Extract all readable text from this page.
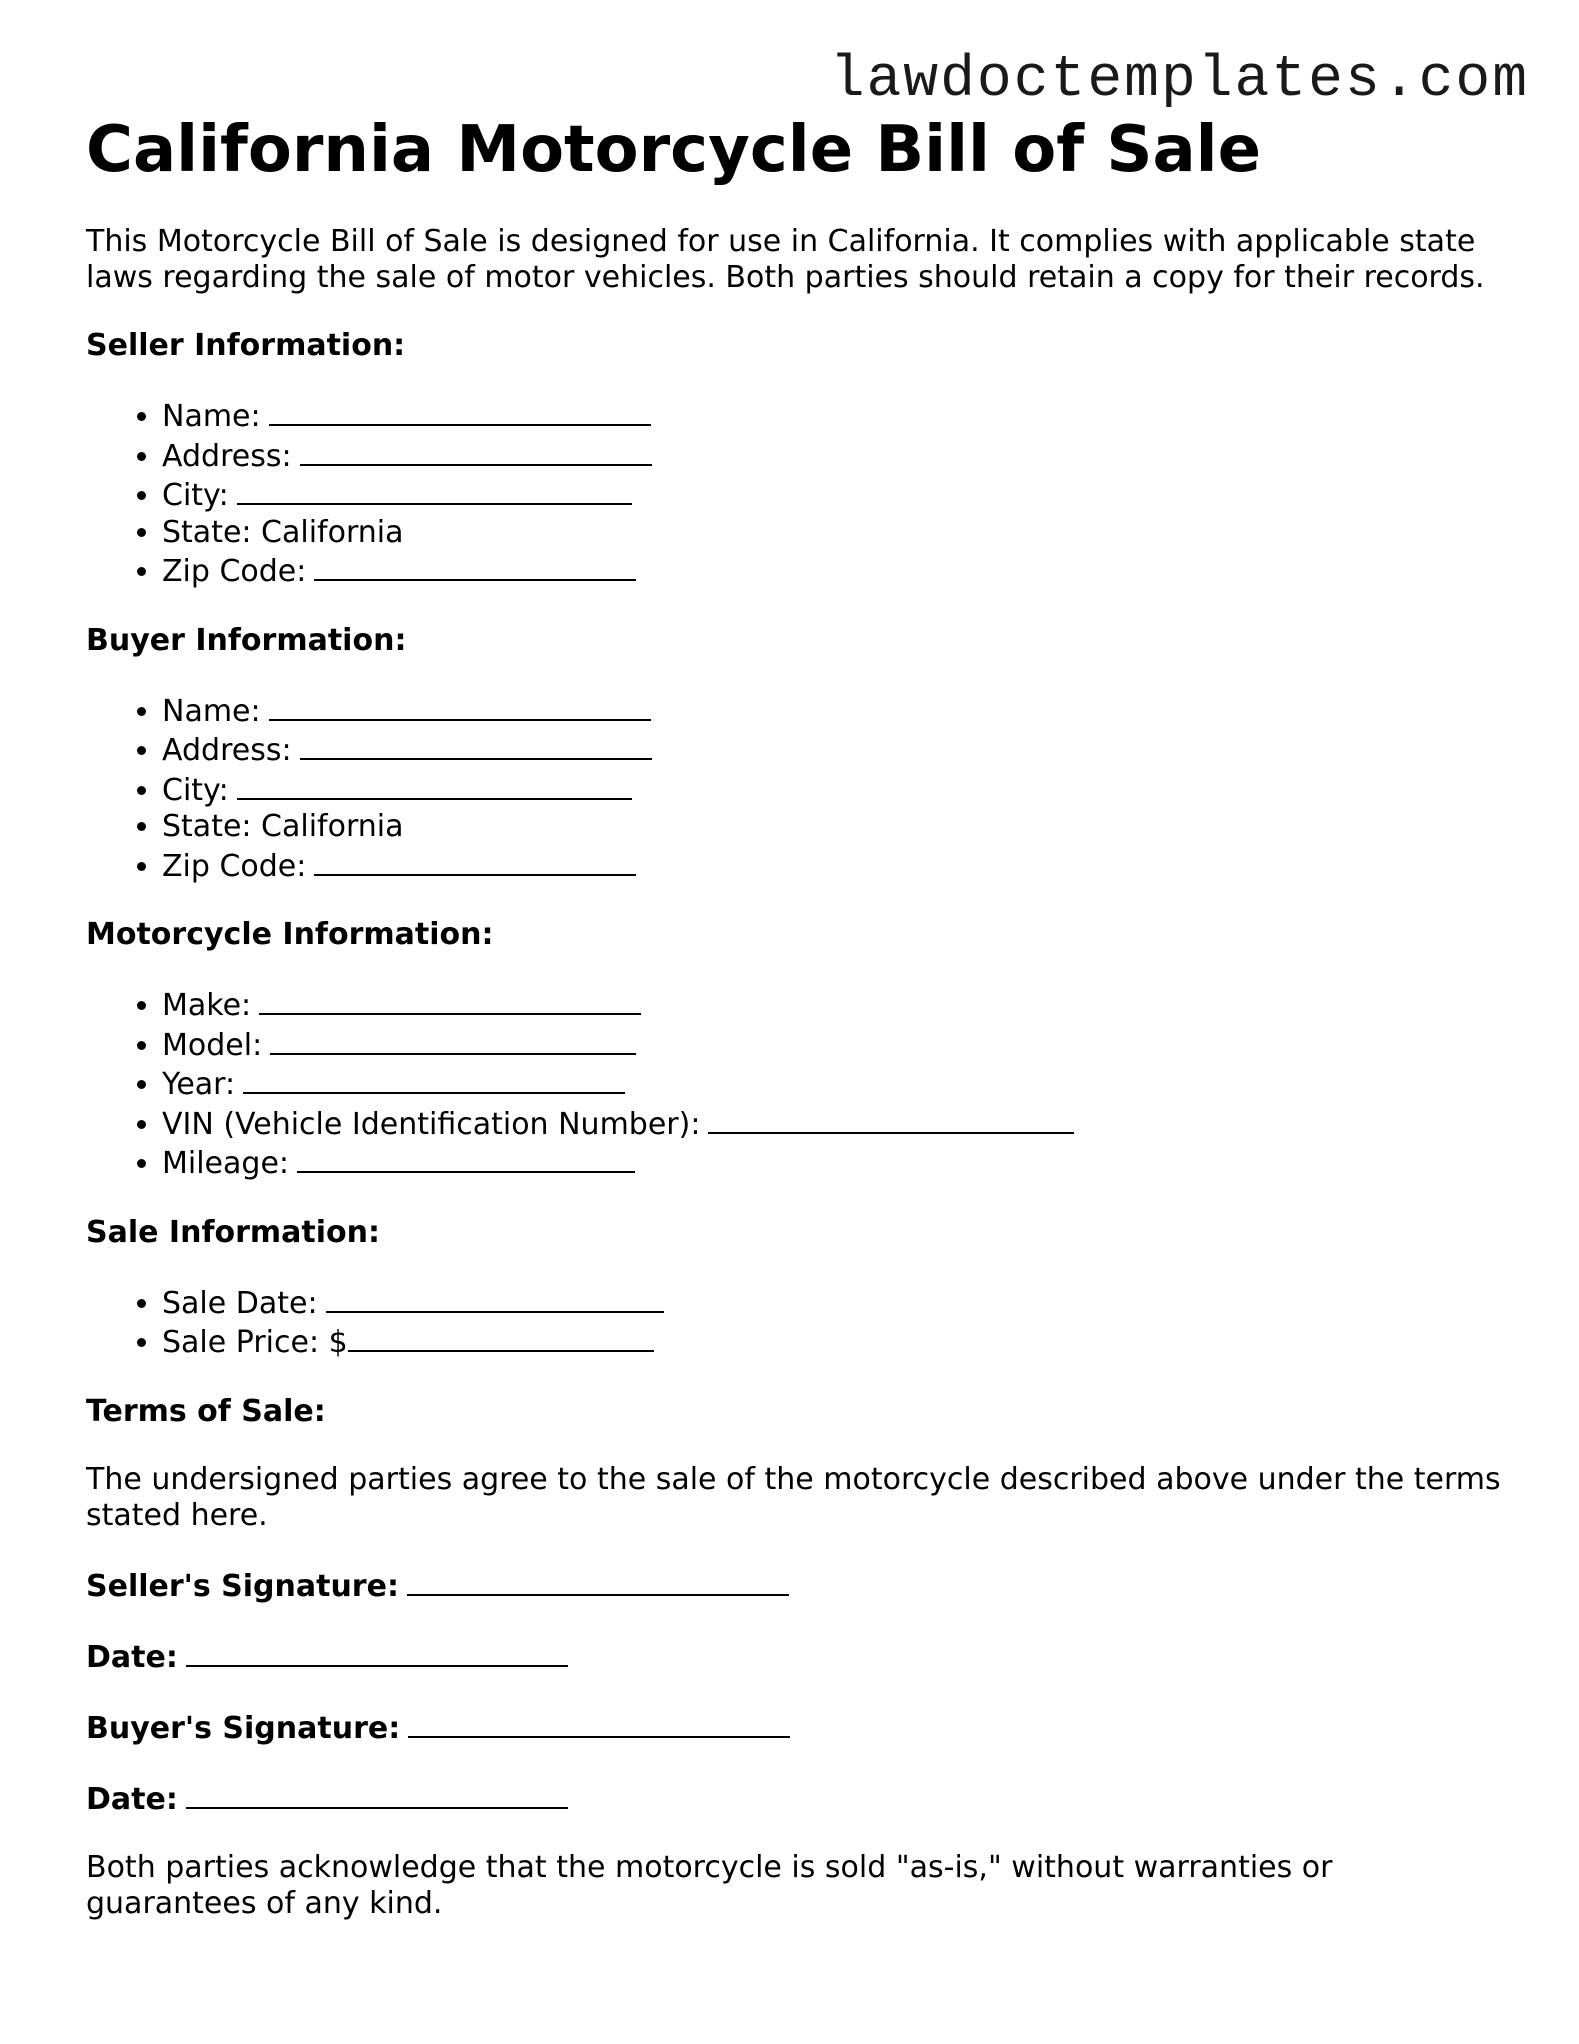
lawdoctemplates.com
California Motorcycle Bill of Sale

This Motorcycle Bill of Sale is designed for use in California. It complies with applicable state laws regarding the sale of motor vehicles. Both parties should retain a copy for their records.

Seller Information:
• Name:
• Address:
• City:
• State: California
• Zip Code:
Buyer Information:
• Name:
• Address:
• City:
• State: California
• Zip Code:
Motorcycle Information:
• Make:
• Model:
• Year:
• VIN (Vehicle Identification Number):
• Mileage:
Sale Information:
• Sale Date:
• Sale Price: $
Terms of Sale:

The undersigned parties agree to the sale of the motorcycle described above under the terms stated here.

Seller's Signature:
Date:
Buyer's Signature:
Date:

Both parties acknowledge that the motorcycle is sold "as-is," without warranties or guarantees of any kind.
